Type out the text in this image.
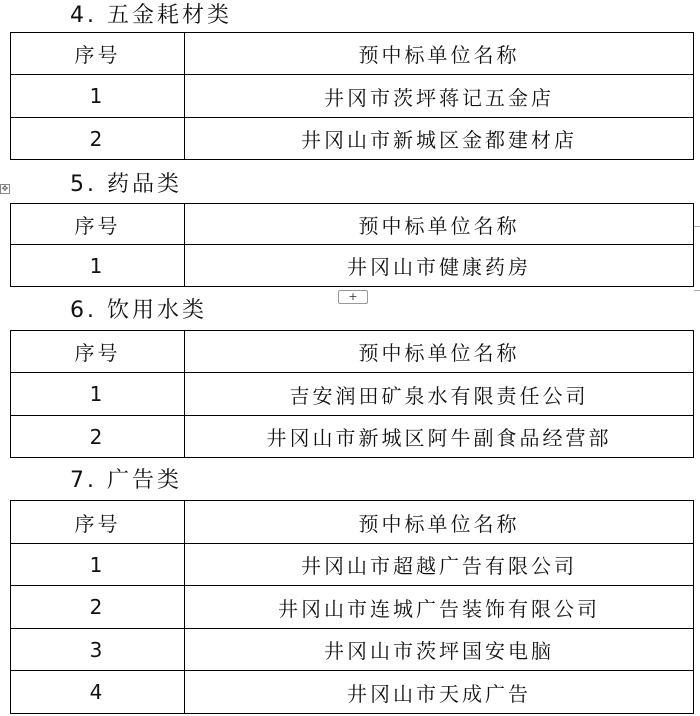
4. 五金耗材类
序号	预中标单位名称
1	井冈市茨坪蒋记五金店
2	井冈山市新城区金都建材店
✥	5. 药品类
序号	预中标单位名称
1	井冈山市健康药房
+
6. 饮用水类
序号	预中标单位名称
1	吉安润田矿泉水有限责任公司
2	井冈山市新城区阿牛副食品经营部
7. 广告类
序号	预中标单位名称
1	井冈山市超越广告有限公司
2	井冈山市连城广告装饰有限公司
3	井冈山市茨坪国安电脑
4	井冈山市天成广告
